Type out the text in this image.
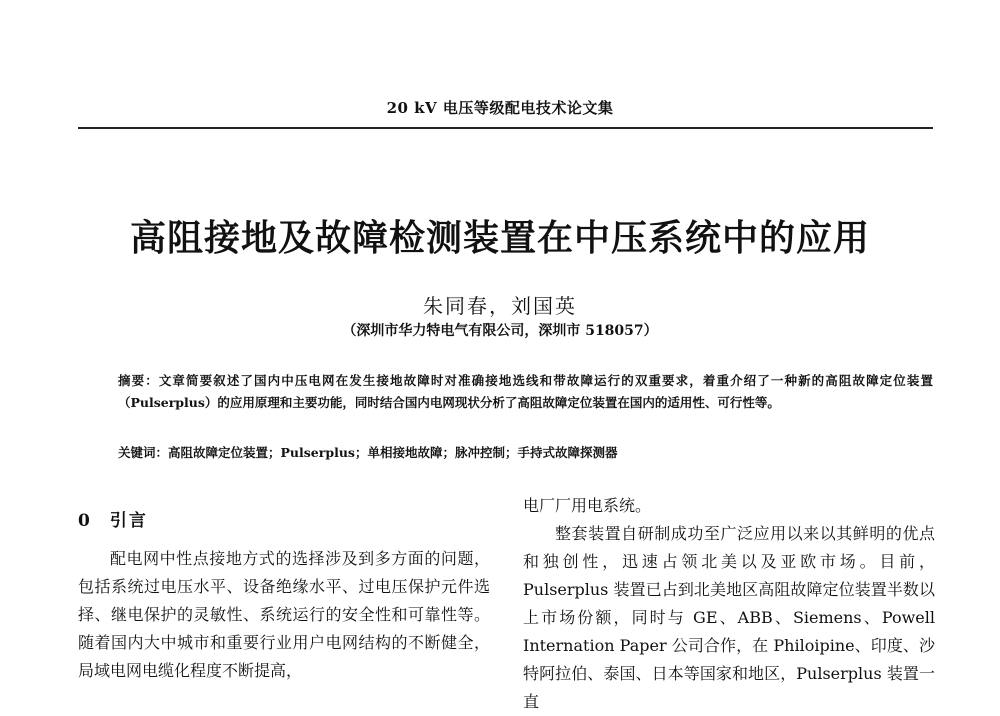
20 kV 电压等级配电技术论文集
高阻接地及故障检测装置在中压系统中的应用
朱同春，刘国英
（深圳市华力特电气有限公司，深圳市 518057）
摘要：文章简要叙述了国内中压电网在发生接地故障时对准确接地选线和带故障运行的双重要求，着重介绍了一种新的高阻故障定位装置（Pulserplus）的应用原理和主要功能，同时结合国内电网现状分析了高阻故障定位装置在国内的适用性、可行性等。
关键词：高阻故障定位装置；Pulserplus；单相接地故障；脉冲控制；手持式故障探测器
0 引言

配电网中性点接地方式的选择涉及到多方面的问题，包括系统过电压水平、设备绝缘水平、过电压保护元件选择、继电保护的灵敏性、系统运行的安全性和可靠性等。随着国内大中城市和重要行业用户电网结构的不断健全，局域电网电缆化程度不断提高，

电厂厂用电系统。

整套装置自研制成功至广泛应用以来以其鲜明的优点和独创性，迅速占领北美以及亚欧市场。目前，Pulserplus 装置已占到北美地区高阻故障定位装置半数以上市场份额，同时与 GE、ABB、Siemens、Powell Internation Paper 公司合作，在 Philoipine、印度、沙特阿拉伯、泰国、日本等国家和地区，Pulserplus 装置一直
